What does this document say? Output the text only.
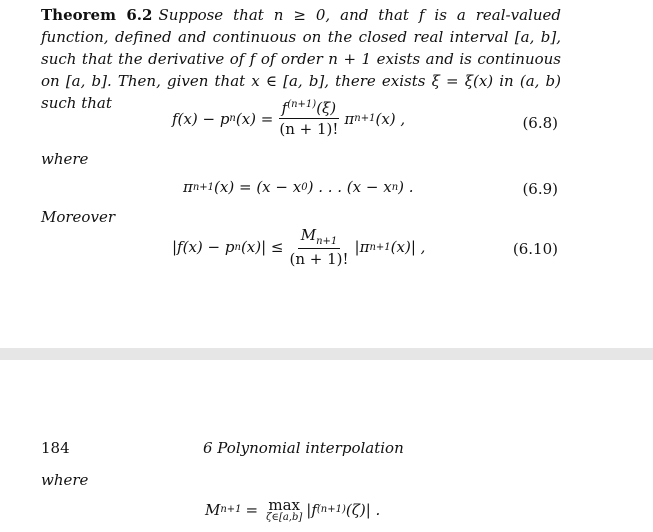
Theorem 6.2 Suppose that n ≥ 0, and that f is a real-valued function, defined and continuous on the closed real interval [a, b], such that the derivative of f of order n + 1 exists and is continuous on [a, b]. Then, given that x ∈ [a, b], there exists ξ = ξ(x) in (a, b) such that
f(x) − p n $(x) = \frac{f^{(n+1)}(\xi)}{(n + 1)!}$ π n+1 (x) ,	(6.8)
where
π n+1 (x) = (x − x 0 ) . . . (x − x n ) .	(6.9)
Moreover
|f(x) − p n $(x)| \le \frac{M_{n+1}}{(n + 1)!} |\pi$ n+1 (x)| ,	(6.10)
184	6 Polynomial interpolation
where
M n+1 = max
ζ∈[a,b] |f (n+1) (ζ)| .
